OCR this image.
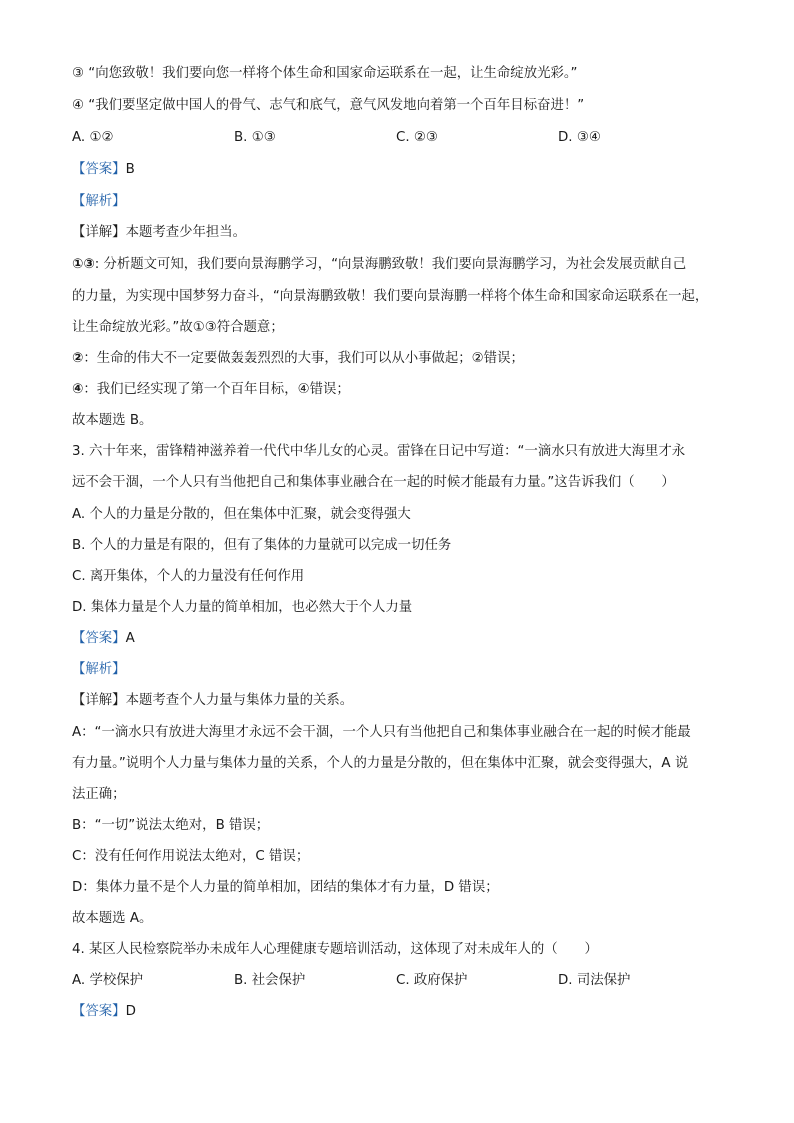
③ “向您致敬！我们要向您一样将个体生命和国家命运联系在一起，让生命绽放光彩。”
④ “我们要坚定做中国人的骨气、志气和底气，意气风发地向着第一个百年目标奋进！”
A. ①②	B. ①③	C. ②③	D. ③④
【答案】B
【解析】
【详解】本题考查少年担当。
①③: 分析题文可知，我们要向景海鹏学习，“向景海鹏致敬！我们要向景海鹏学习，为社会发展贡献自己
的力量，为实现中国梦努力奋斗，“向景海鹏致敬！我们要向景海鹏一样将个体生命和国家命运联系在一起，
让生命绽放光彩。”故①③符合题意；
②：生命的伟大不一定要做轰轰烈烈的大事，我们可以从小事做起；②错误；
④：我们已经实现了第一个百年目标，④错误；
故本题选 B。
3. 六十年来，雷锋精神滋养着一代代中华儿女的心灵。雷锋在日记中写道：“一滴水只有放进大海里才永
远不会干涸，一个人只有当他把自己和集体事业融合在一起的时候才能最有力量。”这告诉我们（　　）
A. 个人的力量是分散的，但在集体中汇聚，就会变得强大
B. 个人的力量是有限的，但有了集体的力量就可以完成一切任务
C. 离开集体，个人的力量没有任何作用
D. 集体力量是个人力量的简单相加，也必然大于个人力量
【答案】A
【解析】
【详解】本题考查个人力量与集体力量的关系。
A：“一滴水只有放进大海里才永远不会干涸，一个人只有当他把自己和集体事业融合在一起的时候才能最
有力量。”说明个人力量与集体力量的关系，个人的力量是分散的，但在集体中汇聚，就会变得强大，A 说
法正确；
B：“一切”说法太绝对，B 错误；
C：没有任何作用说法太绝对，C 错误；
D：集体力量不是个人力量的简单相加，团结的集体才有力量，D 错误；
故本题选 A。
4. 某区人民检察院举办未成年人心理健康专题培训活动，这体现了对未成年人的（　　）
A. 学校保护	B. 社会保护	C. 政府保护	D. 司法保护
【答案】D
